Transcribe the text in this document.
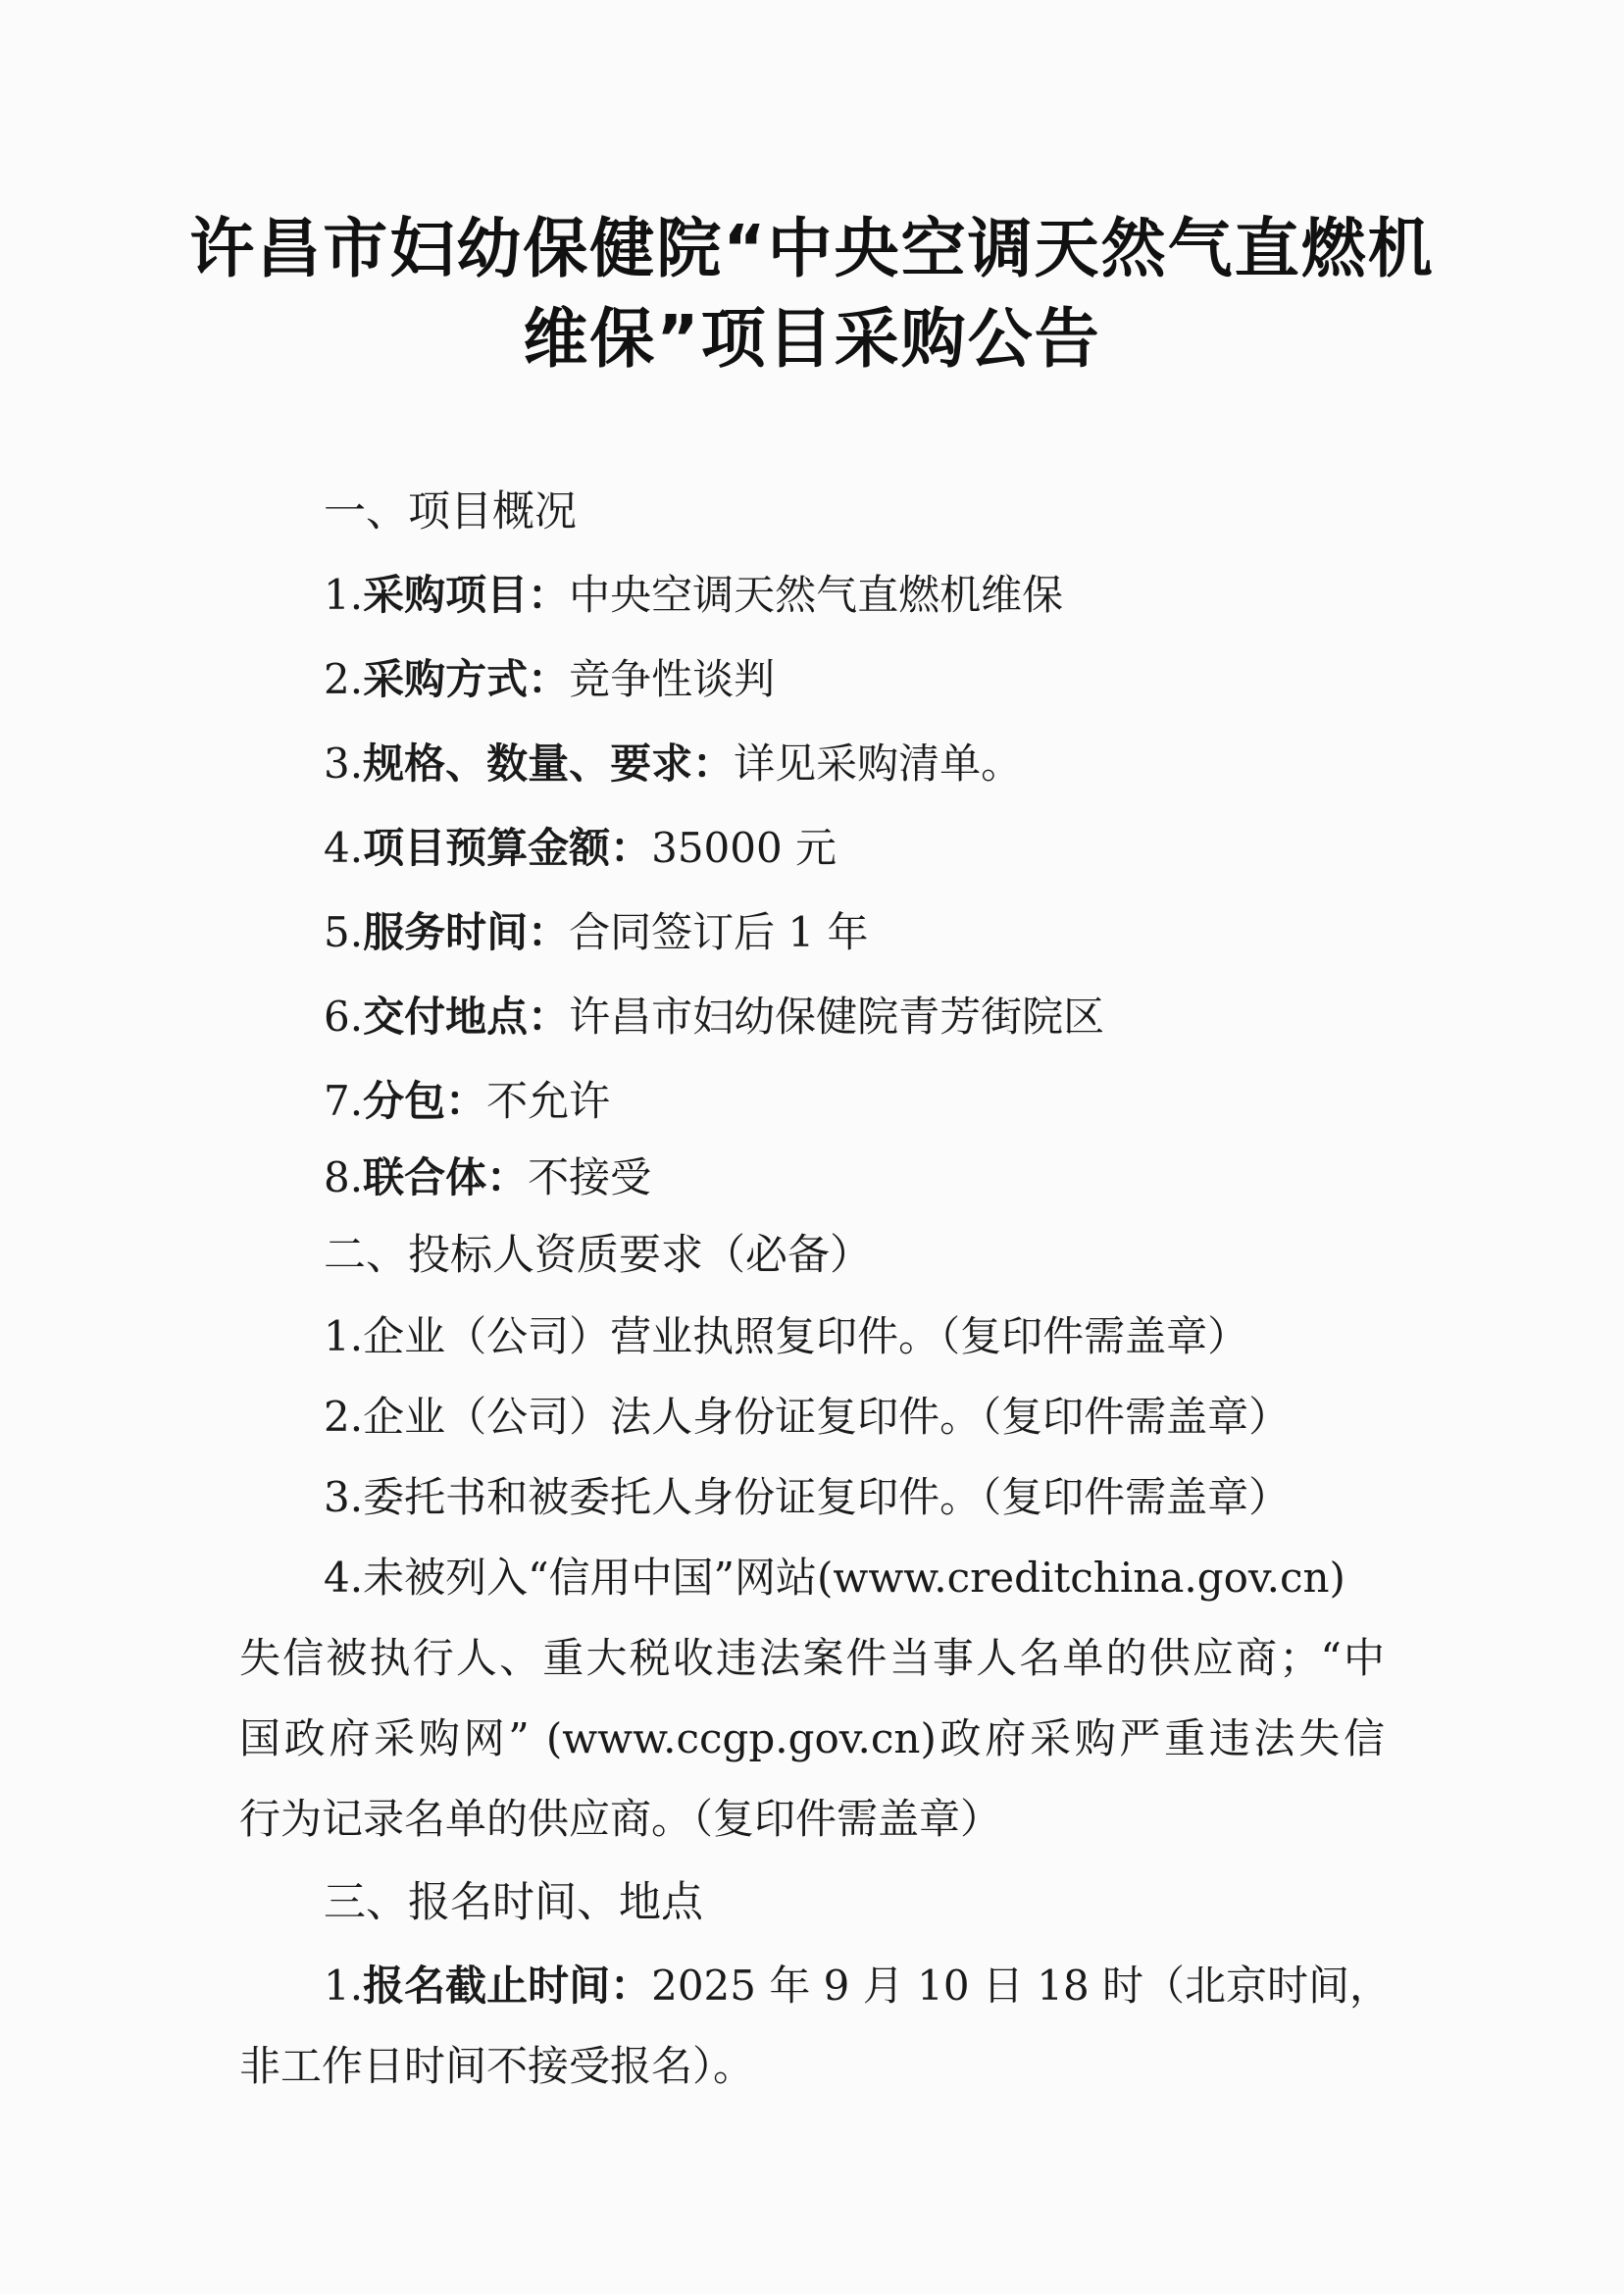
许昌市妇幼保健院“中央空调天然气直燃机
维保”项目采购公告
一、项目概况
1.采购项目：中央空调天然气直燃机维保
2.采购方式：竞争性谈判
3.规格、数量、要求：详见采购清单。
4.项目预算金额：35000 元
5.服务时间：合同签订后 1 年
6.交付地点：许昌市妇幼保健院青芳街院区
7.分包：不允许
8.联合体：不接受
二、投标人资质要求（必备）
1.企业（公司）营业执照复印件。（复印件需盖章）
2.企业（公司）法人身份证复印件。（复印件需盖章）
3.委托书和被委托人身份证复印件。（复印件需盖章）
4.未被列入“信用中国”网站(www.creditchina.gov.cn)
失信被执行人、重大税收违法案件当事人名单的供应商；“中
国政府采购网” (www.ccgp.gov.cn)政府采购严重违法失信
行为记录名单的供应商。（复印件需盖章）
三、报名时间、地点
1.报名截止时间：2025 年 9 月 10 日 18 时（北京时间，
非工作日时间不接受报名）。
